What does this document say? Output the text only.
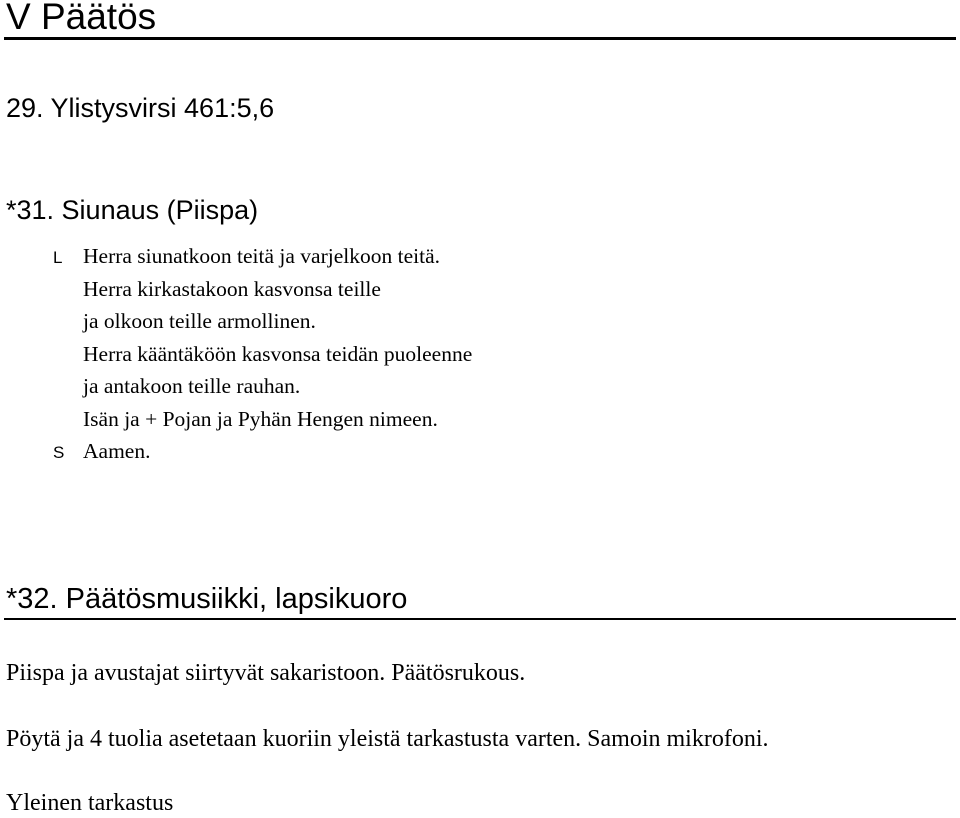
V Päätös
29. Ylistysvirsi 461:5,6
*31. Siunaus (Piispa)
L Herra siunatkoon teitä ja varjelkoon teitä.
Herra kirkastakoon kasvonsa teille
ja olkoon teille armollinen.
Herra kääntäköön kasvonsa teidän puoleenne
ja antakoon teille rauhan.
Isän ja + Pojan ja Pyhän Hengen nimeen.
S Aamen.
*32. Päätösmusiikki, lapsikuoro

Piispa ja avustajat siirtyvät sakaristoon. Päätösrukous.

Pöytä ja 4 tuolia asetetaan kuoriin yleistä tarkastusta varten. Samoin mikrofoni.

Yleinen tarkastus
